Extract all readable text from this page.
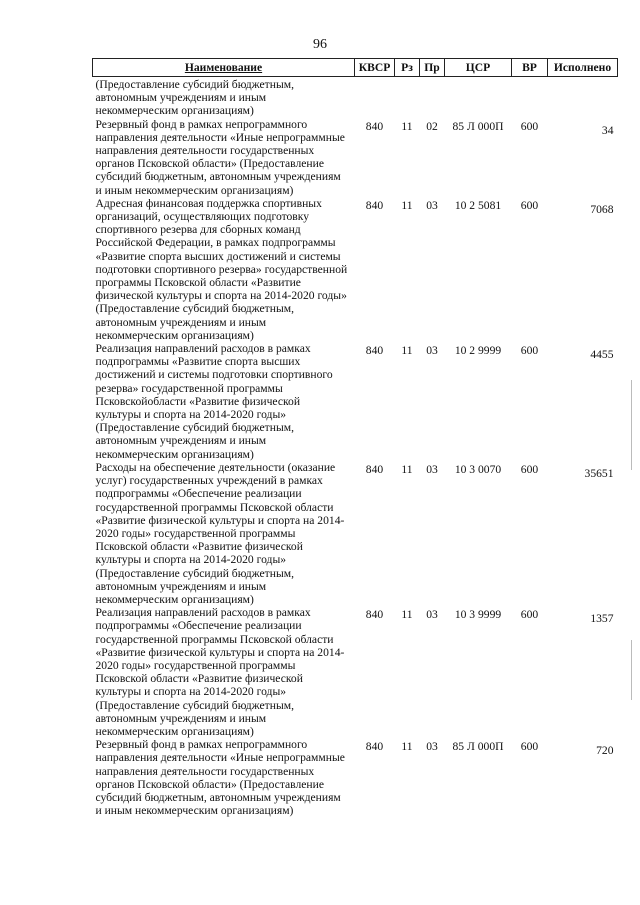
96
Наименование	КВСР	Рз	Пр	ЦСР	ВР	Исполнено
(Предоставление субсидий бюджетным, автономным учреждениям и иным некоммерческим организациям)						
Резервный фонд в рамках непрограммного направления деятельности «Иные непрограммные направления деятельности государственных органов Псковской области» (Предоставление субсидий бюджетным, автономным учреждениям и иным некоммерческим организациям)	840	11	02	85 Л 000П	600	34
Адресная финансовая поддержка спортивных организаций, осуществляющих подготовку спортивного резерва для сборных команд Российской Федерации, в рамках подпрограммы «Развитие спорта высших достижений и системы подготовки спортивного резерва» государственной программы Псковской области «Развитие физической культуры и спорта на 2014-2020 годы» (Предоставление субсидий бюджетным, автономным учреждениям и иным некоммерческим организациям)	840	11	03	10 2 5081	600	7068
Реализация направлений расходов в рамках подпрограммы «Развитие спорта высших достижений и системы подготовки спортивного резерва» государственной программы Псковскойобласти «Развитие физической культуры и спорта на 2014-2020 годы» (Предоставление субсидий бюджетным, автономным учреждениям и иным некоммерческим организациям)	840	11	03	10 2 9999	600	4455
Расходы на обеспечение деятельности (оказание услуг) государственных учреждений в рамках подпрограммы «Обеспечение реализации государственной программы Псковской области «Развитие физической культуры и спорта на 2014-2020 годы» государственной программы Псковской области «Развитие физической культуры и спорта на 2014-2020 годы» (Предоставление субсидий бюджетным, автономным учреждениям и иным некоммерческим организациям)	840	11	03	10 3 0070	600	35651
Реализация направлений расходов в рамках подпрограммы «Обеспечение реализации государственной программы Псковской области «Развитие физической культуры и спорта на 2014-2020 годы» государственной программы Псковской области «Развитие физической культуры и спорта на 2014-2020 годы» (Предоставление субсидий бюджетным, автономным учреждениям и иным некоммерческим организациям)	840	11	03	10 3 9999	600	1357
Резервный фонд в рамках непрограммного направления деятельности «Иные непрограммные направления деятельности государственных органов Псковской области» (Предоставление субсидий бюджетным, автономным учреждениям и иным некоммерческим организациям)	840	11	03	85 Л 000П	600	720
